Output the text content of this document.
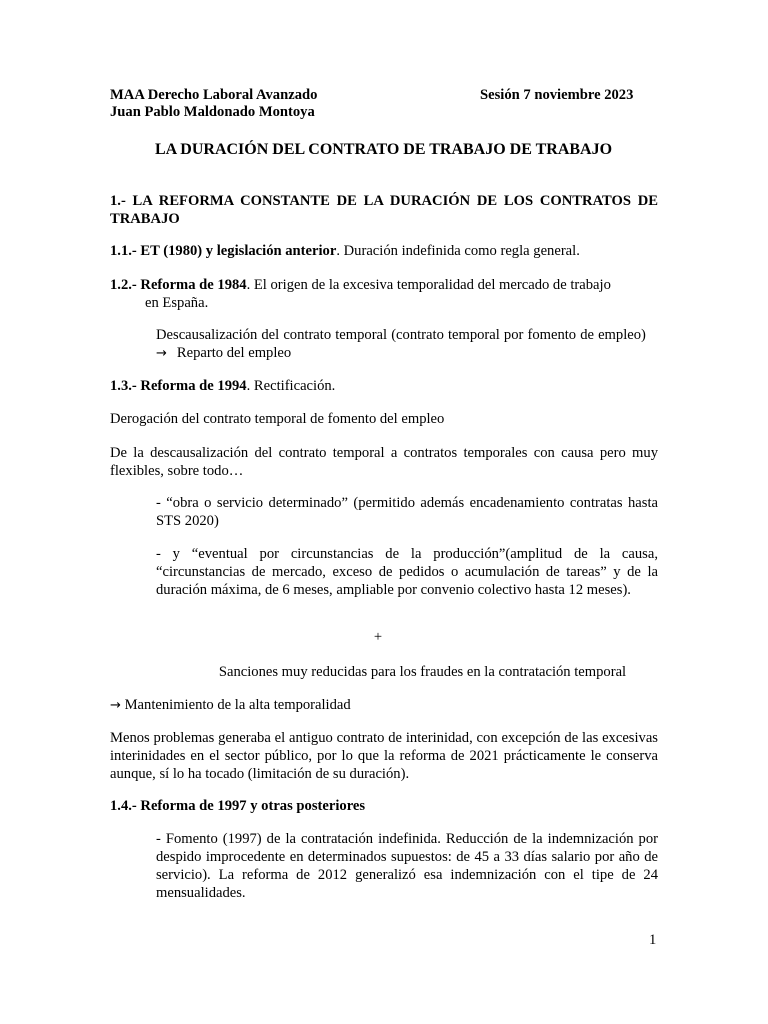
MAA Derecho Laboral Avanzado	Sesión 7 noviembre 2023
Juan Pablo Maldonado Montoya
LA DURACIÓN DEL CONTRATO DE TRABAJO DE TRABAJO
1.- LA REFORMA CONSTANTE DE LA DURACIÓN DE LOS CONTRATOS DE TRABAJO
1.1.- ET (1980) y legislación anterior. Duración indefinida como regla general.
1.2.- Reforma de 1984. El origen de la excesiva temporalidad del mercado de trabajo
en España.
Descausalización del contrato temporal (contrato temporal por fomento de empleo) → Reparto del empleo
1.3.- Reforma de 1994. Rectificación.
Derogación del contrato temporal de fomento del empleo
De la descausalización del contrato temporal a contratos temporales con causa pero muy flexibles, sobre todo…
- “obra o servicio determinado” (permitido además encadenamiento contratas hasta STS 2020)
- y “eventual por circunstancias de la producción”(amplitud de la causa, “circunstancias de mercado, exceso de pedidos o acumulación de tareas” y de la duración máxima, de 6 meses, ampliable por convenio colectivo hasta 12 meses).
+
Sanciones muy reducidas para los fraudes en la contratación temporal
→ Mantenimiento de la alta temporalidad
Menos problemas generaba el antiguo contrato de interinidad, con excepción de las excesivas interinidades en el sector público, por lo que la reforma de 2021 prácticamente le conserva aunque, sí lo ha tocado (limitación de su duración).
1.4.- Reforma de 1997 y otras posteriores
- Fomento (1997) de la contratación indefinida. Reducción de la indemnización por despido improcedente en determinados supuestos: de 45 a 33 días salario por año de servicio). La reforma de 2012 generalizó esa indemnización con el tipe de 24 mensualidades.
1
